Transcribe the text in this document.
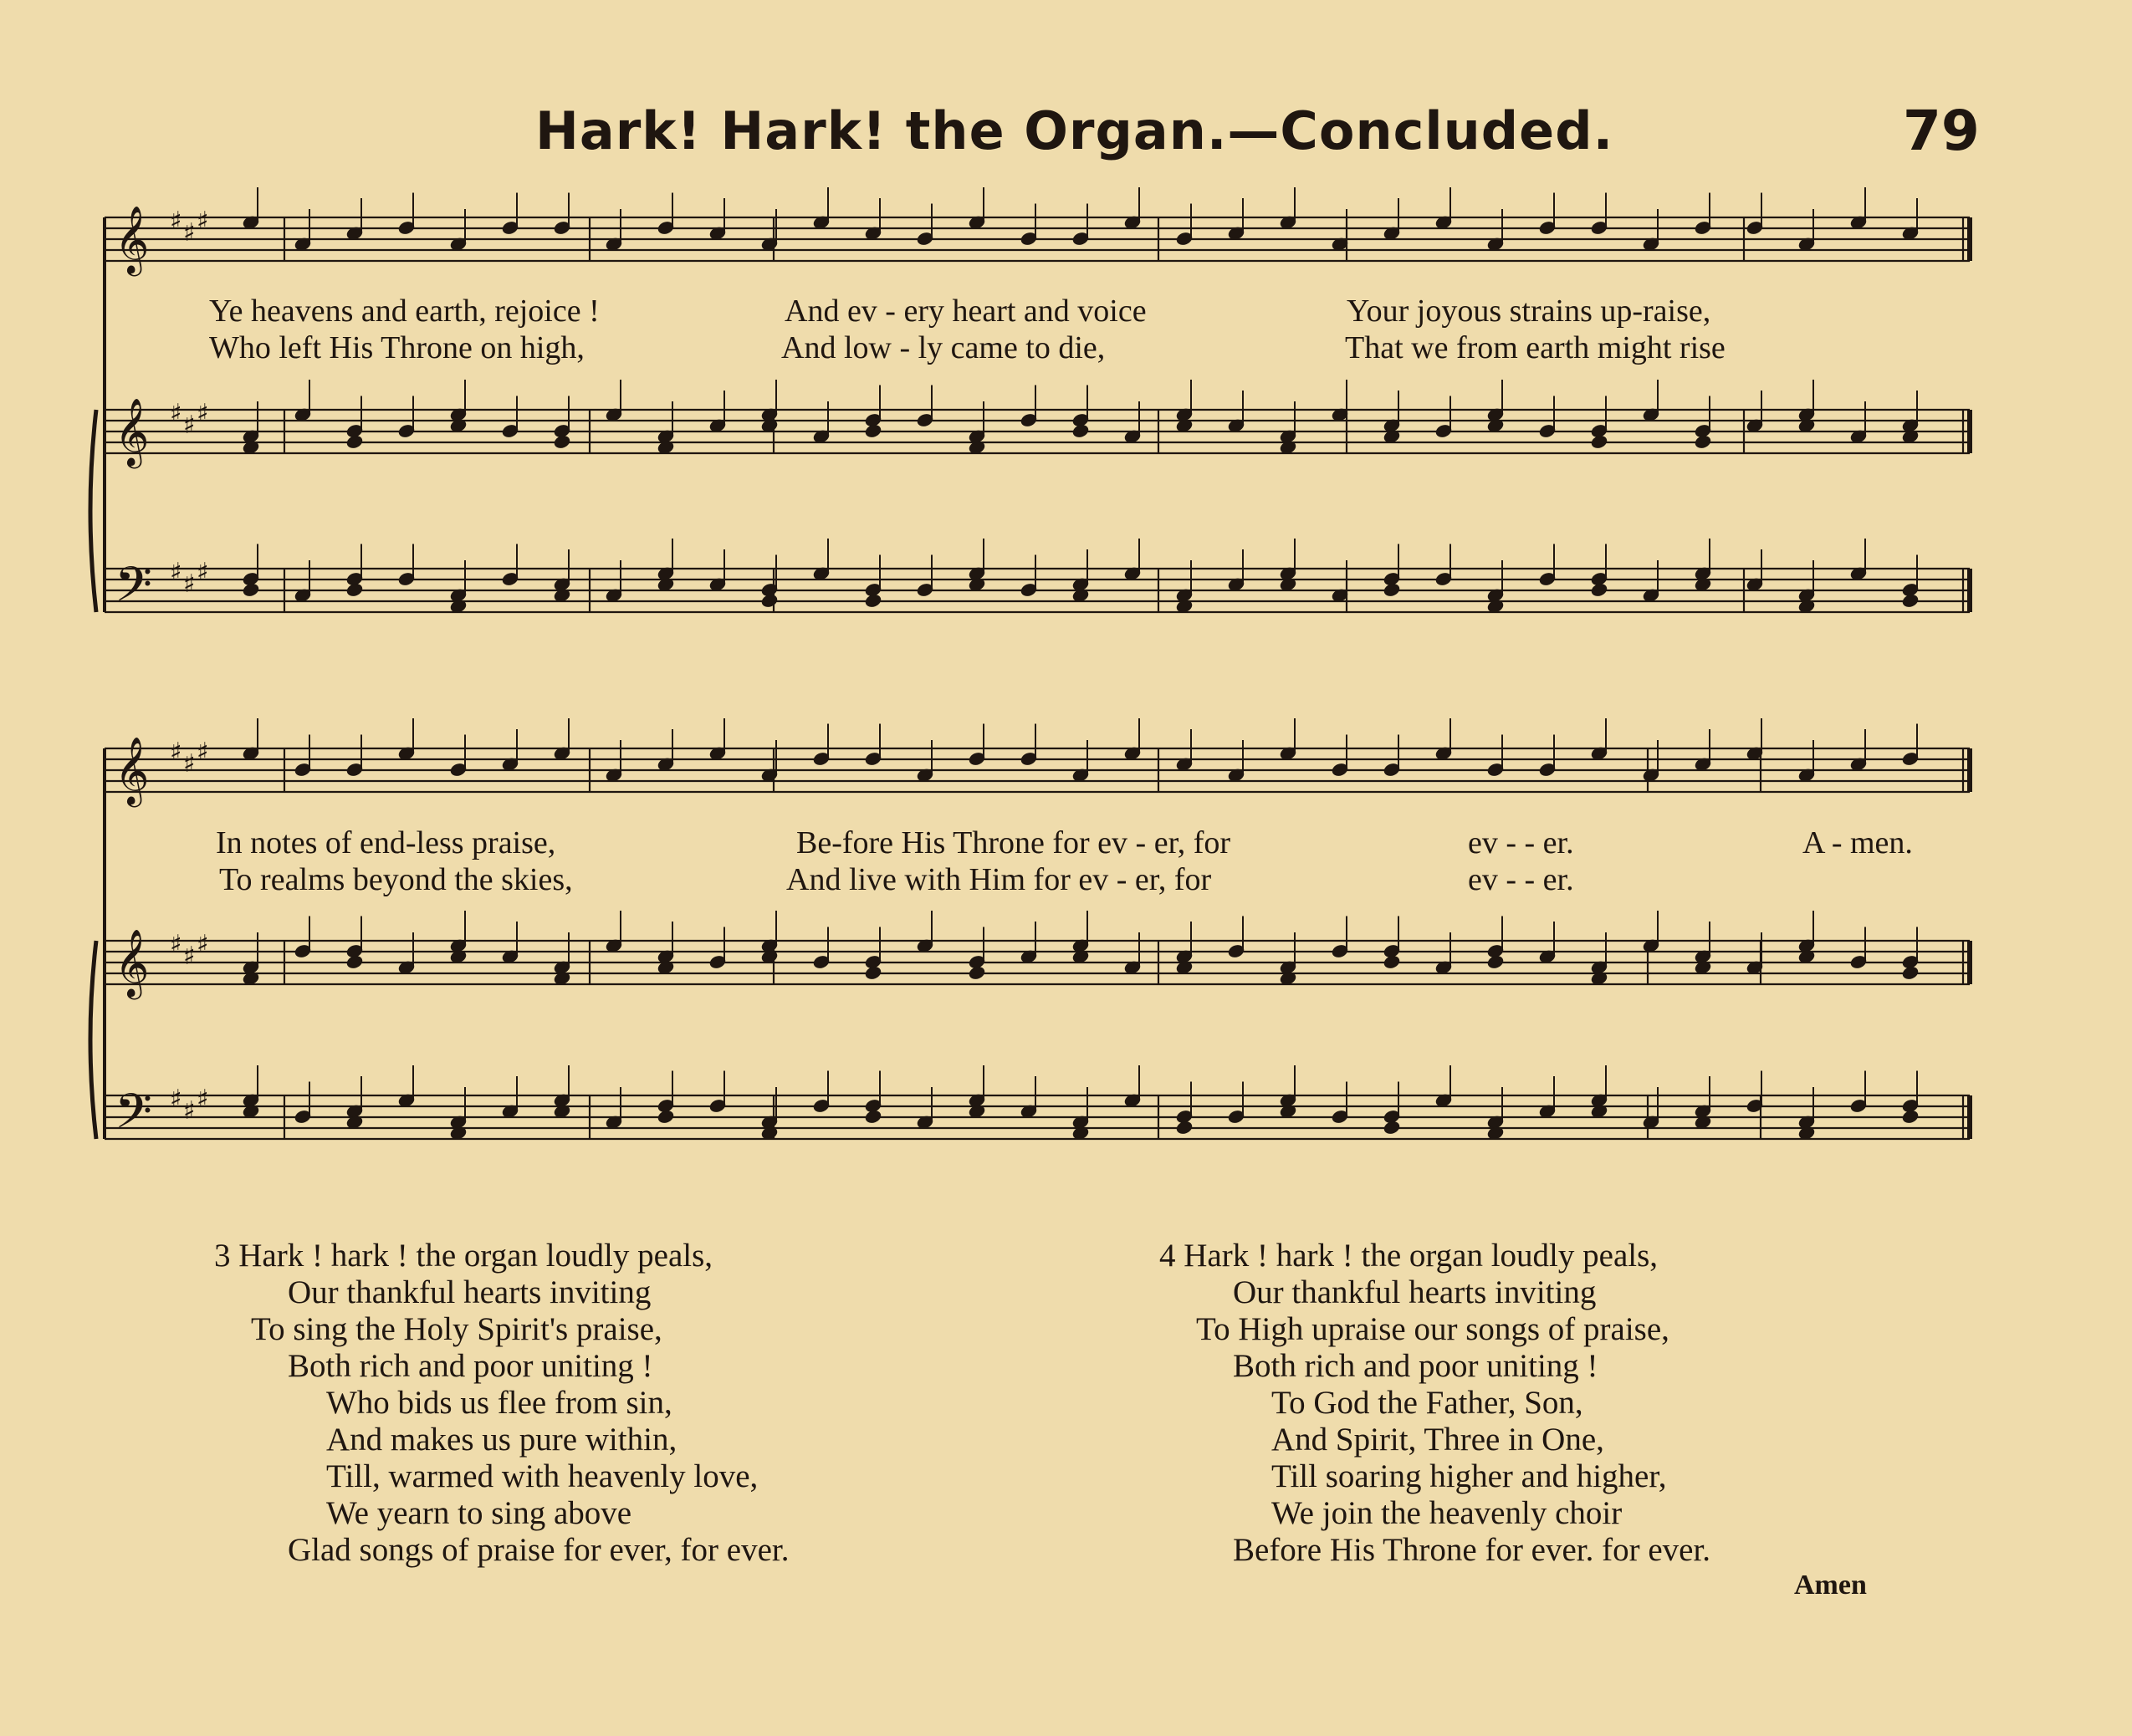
Hark! Hark! the Organ.—Concluded.	79
𝄞 ♯ ♯ ♯
𝄞 ♯ ♯ ♯
𝄢 ♯ ♯ ♯
𝄞 ♯ ♯ ♯
𝄞 ♯ ♯ ♯
𝄢 ♯ ♯ ♯
Ye heavens and earth, rejoice !	And ev - ery heart and voice	Your joyous strains up-raise,
Who left His Throne on high,	And low - ly came to die,	That we from earth might rise
In notes of end-less praise,	Be-fore His Throne for ev - er, for	ev - - er.	A - men.
To realms beyond the skies,	And live with Him for ev - er, for	ev - - er.
3 Hark ! hark ! the organ loudly peals,
Our thankful hearts inviting
To sing the Holy Spirit's praise,
Both rich and poor uniting !
Who bids us flee from sin,
And makes us pure within,
Till, warmed with heavenly love,
We yearn to sing above
Glad songs of praise for ever, for ever.
4 Hark ! hark ! the organ loudly peals,
Our thankful hearts inviting
To High upraise our songs of praise,
Both rich and poor uniting !
To God the Father, Son,
And Spirit, Three in One,
Till soaring higher and higher,
We join the heavenly choir
Before His Throne for ever. for ever.
Amen
